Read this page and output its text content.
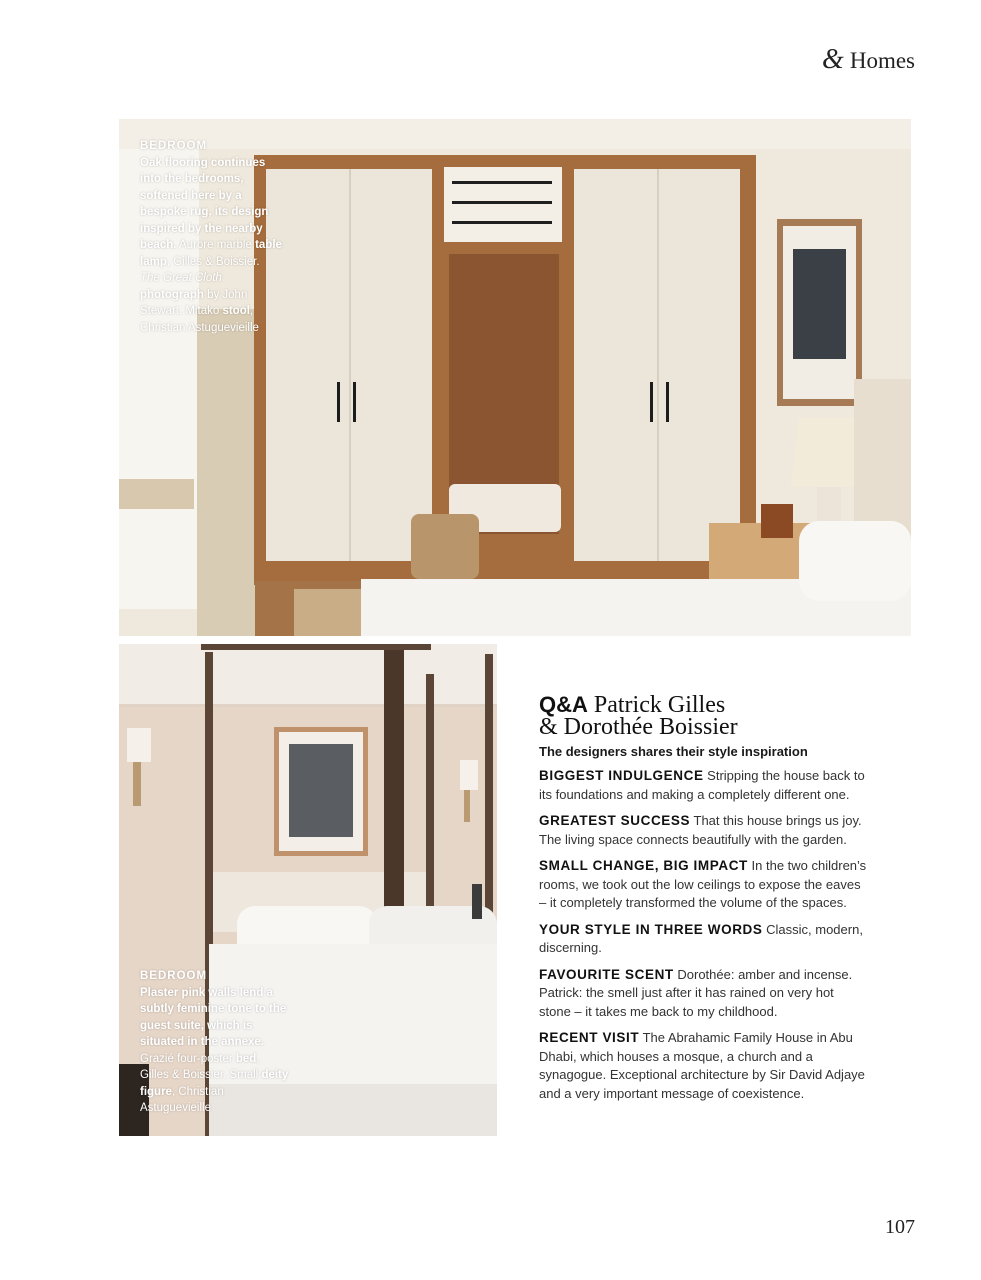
& Homes
BEDROOM
Oak flooring continues into the bedrooms, softened here by a bespoke rug, its design inspired by the nearby beach. Aurore marble table lamp, Gilles & Boissier. The Great Cloth photograph by John Stewart. Mitako stool, Christian Astuguevieille
BEDROOM
Plaster pink walls lend a subtly feminine tone to the guest suite, which is situated in the annexe. Grazié four-poster bed, Gilles & Boissier. Small deity figure, Christian Astuguevieille
Q&A Patrick Gilles
& Dorothée Boissier
The designers shares their style inspiration
BIGGEST INDULGENCE Stripping the house back to its foundations and making a completely different one.
GREATEST SUCCESS That this house brings us joy. The living space connects beautifully with the garden.
SMALL CHANGE, BIG IMPACT In the two children’s rooms, we took out the low ceilings to expose the eaves – it completely transformed the volume of the spaces.
YOUR STYLE IN THREE WORDS Classic, modern, discerning.
FAVOURITE SCENT Dorothée: amber and incense. Patrick: the smell just after it has rained on very hot stone – it takes me back to my childhood.
RECENT VISIT The Abrahamic Family House in Abu Dhabi, which houses a mosque, a church and a synagogue. Exceptional architecture by Sir David Adjaye and a very important message of coexistence.
107
